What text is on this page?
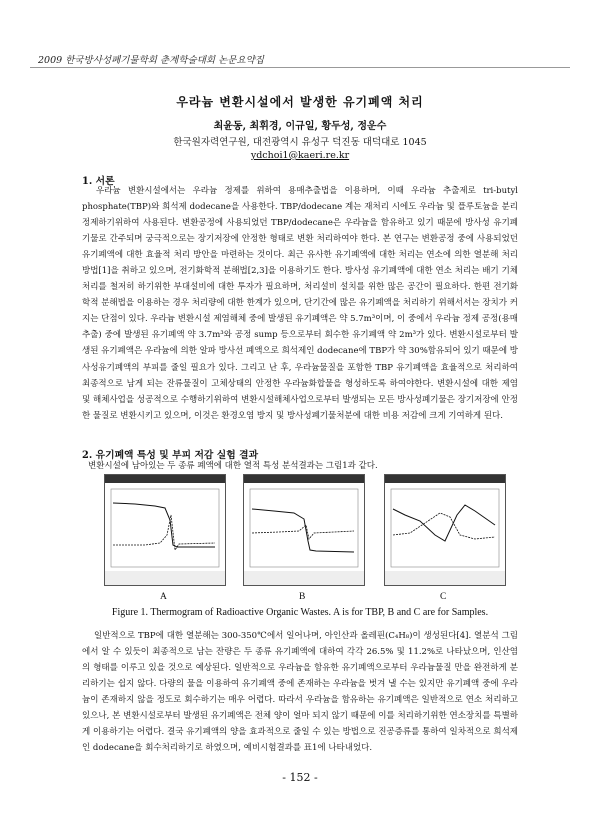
2009 한국방사성폐기물학회 춘계학술대회 논문요약집
우라늄 변환시설에서 발생한 유기폐액 처리
최윤동, 최휘경, 이규일, 황두성, 정운수
한국원자력연구원, 대전광역시 유성구 덕진동 대덕대로 1045
ydchoi1@kaeri.re.kr
1. 서론

우라늄 변환시설에서는 우라늄 정제를 위하여 용매추출법을 이용하며, 이때 우라늄 추출제로 tri-butyl phosphate(TBP)와 희석제 dodecane을 사용한다. TBP/dodecane 계는 재처리 시에도 우라늄 및 플루토늄을 분리 정제하기위하여 사용된다. 변환공정에 사용되었던 TBP/dodecane은 우라늄을 함유하고 있기 때문에 방사성 유기폐기물로 간주되며 궁극적으로는 장기저장에 안정한 형태로 변환 처리하여야 한다. 본 연구는 변환공정 중에 사용되었던 유기폐액에 대한 효율적 처리 방안을 마련하는 것이다. 최근 유사한 유기폐액에 대한 처리는 연소에 의한 열분해 처리 방법[1]을 취하고 있으며, 전기화학적 분해법[2,3]을 이용하기도 한다. 방사성 유기폐액에 대한 연소 처리는 배기 기체 처리를 철저히 하기위한 부대설비에 대한 투자가 필요하며, 처리설비 설치를 위한 많은 공간이 필요하다. 한편 전기화학적 분해법을 이용하는 경우 처리량에 대한 한계가 있으며, 단기간에 많은 유기폐액을 처리하기 위해서서는 장치가 커지는 단점이 있다. 우라늄 변환시설 제염해체 중에 발생된 유기폐액은 약 5.7m³이며, 이 중에서 우라늄 정제 공정(용매추출) 중에 발생된 유기폐액 약 3.7m³와 공정 sump 등으로부터 회수한 유기폐액 약 2m³가 있다. 변환시설로부터 발생된 유기폐액은 우라늄에 의한 알파 방사선 폐액으로 희석제인 dodecane에 TBP가 약 30%함유되어 있기 때문에 방사성유기폐액의 부피를 줄일 필요가 있다. 그리고 난 후, 우라늄물질을 포함한 TBP 유기폐액을 효율적으로 처리하여 최종적으로 남게 되는 잔류물질이 고체상태의 안정한 우라늄화합물을 형성하도록 하여야한다. 변환시설에 대한 제염 및 해체사업을 성공적으로 수행하기위하여 변환시설해체사업으로부터 발생되는 모든 방사성폐기물은 장기저장에 안정한 물질로 변환시키고 있으며, 이것은 환경오염 방지 및 방사성폐기물처분에 대한 비용 저감에 크게 기여하게 된다.

2. 유기폐액 특성 및 부피 저감 실험 결과

변환시설에 남아있는 두 종류 폐액에 대한 열적 특성 분석결과는 그림1과 같다.

A	B	C
Figure 1. Thermogram of Radioactive Organic Wastes. A is for TBP, B and C are for Samples.

일반적으로 TBP에 대한 열분해는 300-350℃에서 일어나며, 아인산과 올레핀(C₄H₈)이 생성된다[4]. 열분석 그림에서 알 수 있듯이 최종적으로 남는 잔량은 두 종류 유기폐액에 대하여 각각 26.5% 및 11.2%로 나타났으며, 인산염의 형태를 이루고 있을 것으로 예상된다. 일반적으로 우라늄을 함유한 유기폐액으로부터 우라늄물질 만을 완전하게 분리하기는 쉽지 않다. 다량의 물을 이용하여 유기폐액 중에 존재하는 우라늄을 벗겨 낼 수는 있지만 유기폐액 중에 우라늄이 존재하지 않을 정도로 회수하기는 매우 어렵다. 따라서 우라늄을 함유하는 유기폐액은 일반적으로 연소 처리하고 있으나, 본 변환시설로부터 발생된 유기폐액은 전체 양이 얼마 되지 않기 때문에 이를 처리하기위한 연소장치를 특별하게 이용하기는 어렵다. 결국 유기폐액의 양을 효과적으로 줄일 수 있는 방법으로 진공증류를 통하여 일차적으로 희석제인 dodecane을 회수처리하기로 하였으며, 예비시험결과를 표1에 나타내었다.

- 152 -
